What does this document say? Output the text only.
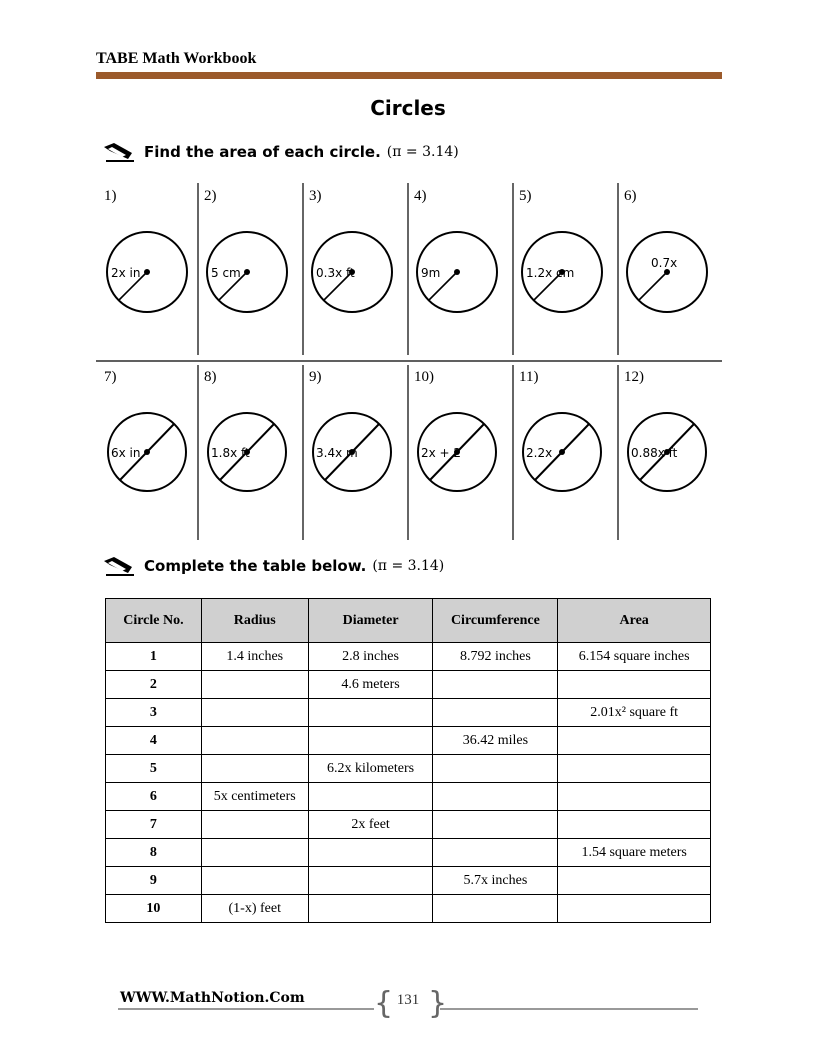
TABE Math Workbook
Circles
Find the area of each circle. (π = 3.14)
1)
2x in
2)
5 cm
3)
0.3x ft
4)
9m
5)
1.2x cm
6)
0.7x
7)
6x in
8)
1.8x ft
9)
3.4x m
10)
2x + 2
11)
2.2x
12)
0.88x ft
Complete the table below. (π = 3.14)
Circle No.	Radius	Diameter	Circumference	Area
1	1.4 inches	2.8 inches	8.792 inches	6.154 square inches
2		4.6 meters		
3				2.01x² square ft
4			36.42 miles	
5		6.2x kilometers		
6	5x centimeters			
7		2x feet		
8				1.54 square meters
9			5.7x inches	
10	(1-x) feet			
WWW.MathNotion.Com { }
131
